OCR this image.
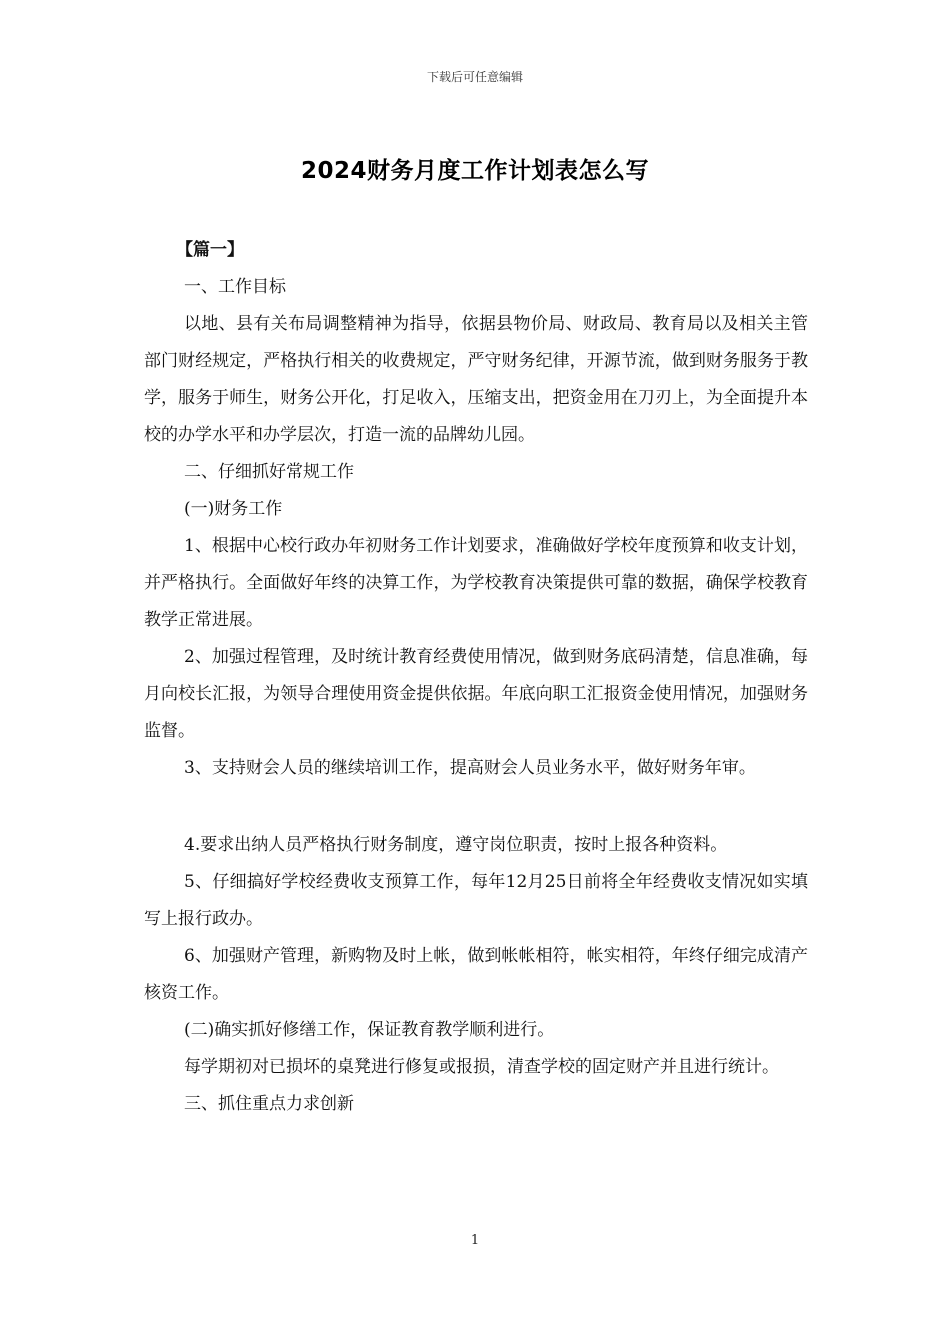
下载后可任意编辑
2024财务月度工作计划表怎么写

【篇一】

一、工作目标

以地、县有关布局调整精神为指导，依据县物价局、财政局、教育局以及相关主管部门财经规定，严格执行相关的收费规定，严守财务纪律，开源节流，做到财务服务于教学，服务于师生，财务公开化，打足收入，压缩支出，把资金用在刀刃上，为全面提升本校的办学水平和办学层次，打造一流的品牌幼儿园。

二、仔细抓好常规工作

(一)财务工作

1、根据中心校行政办年初财务工作计划要求，准确做好学校年度预算和收支计划，并严格执行。全面做好年终的决算工作，为学校教育决策提供可靠的数据，确保学校教育教学正常进展。

2、加强过程管理，及时统计教育经费使用情况，做到财务底码清楚，信息准确，每月向校长汇报，为领导合理使用资金提供依据。年底向职工汇报资金使用情况，加强财务监督。

3、支持财会人员的继续培训工作，提高财会人员业务水平，做好财务年审。

4.要求出纳人员严格执行财务制度，遵守岗位职责，按时上报各种资料。

5、仔细搞好学校经费收支预算工作，每年12月25日前将全年经费收支情况如实填写上报行政办。

6、加强财产管理，新购物及时上帐，做到帐帐相符，帐实相符，年终仔细完成清产核资工作。

(二)确实抓好修缮工作，保证教育教学顺利进行。

每学期初对已损坏的桌凳进行修复或报损，清查学校的固定财产并且进行统计。

三、抓住重点力求创新

1
